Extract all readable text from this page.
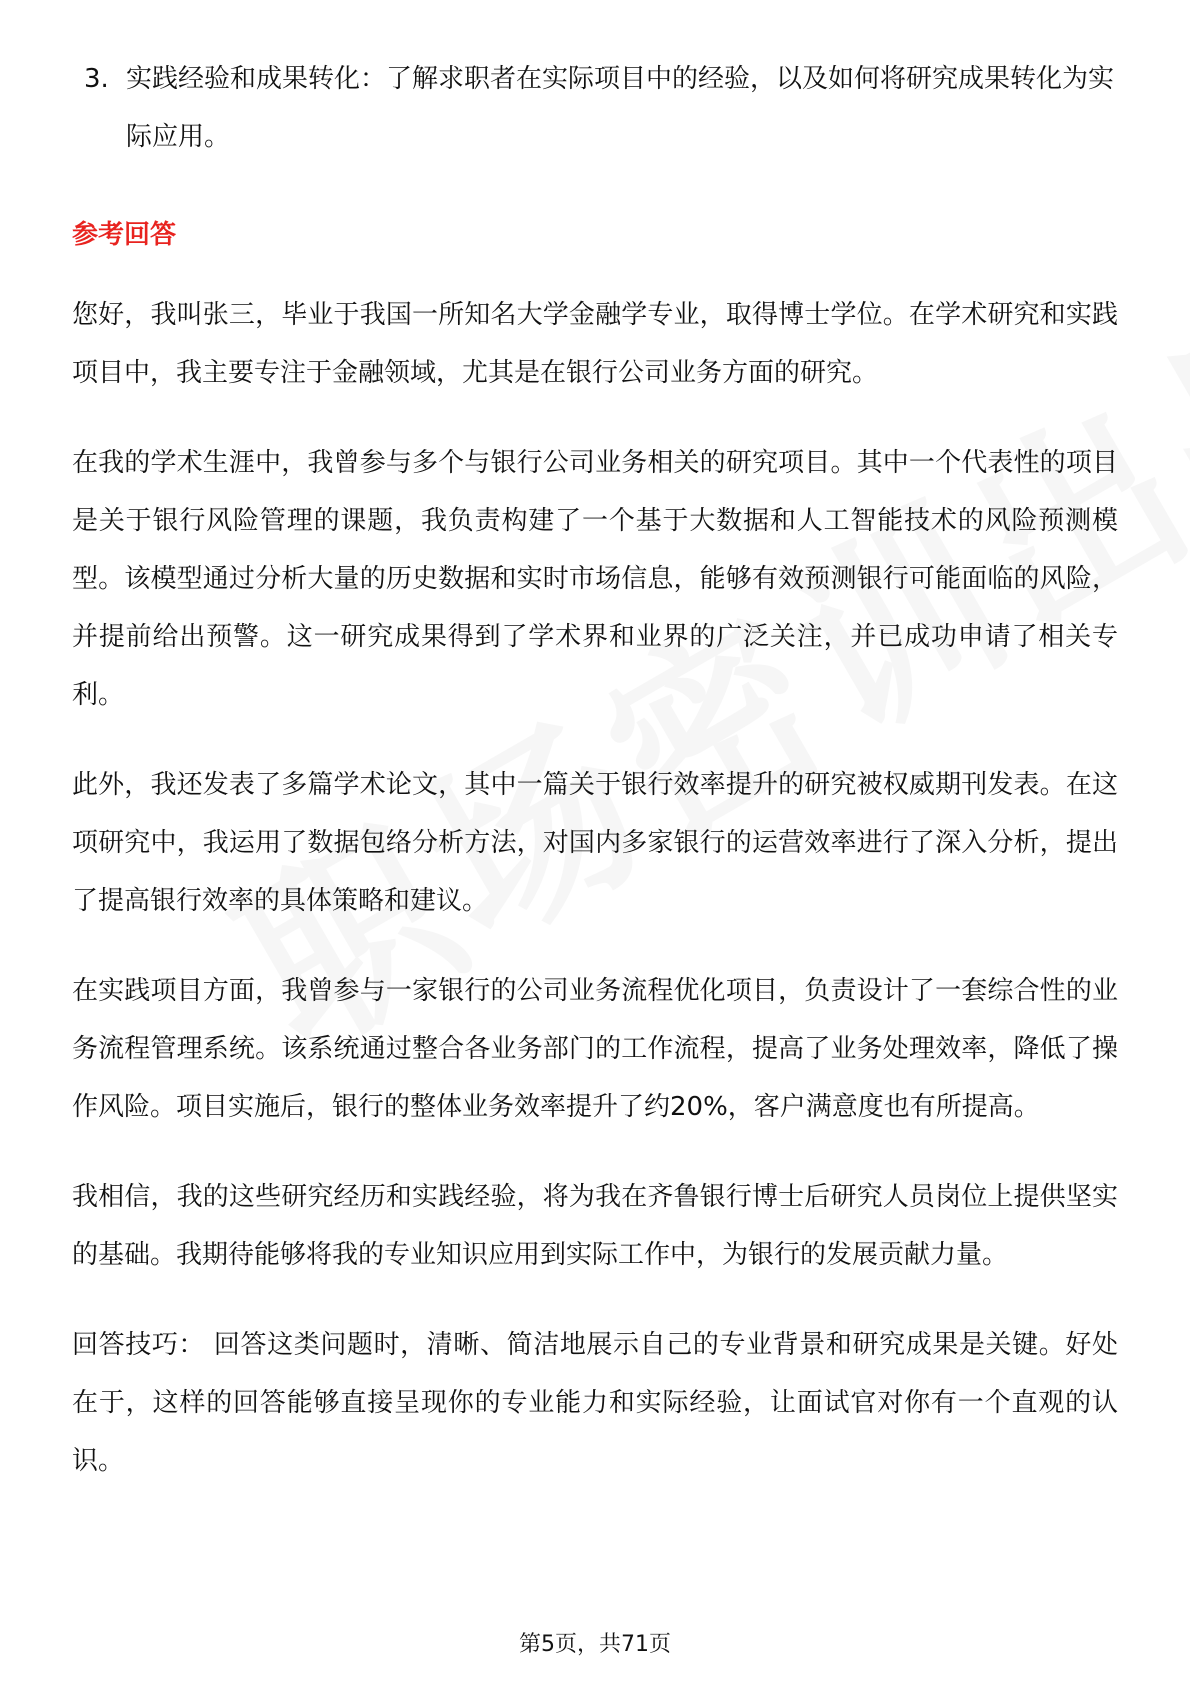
3. 实践经验和成果转化：了解求职者在实际项目中的经验，以及如何将研究成果转化为实际应用。
参考回答

您好，我叫张三，毕业于我国一所知名大学金融学专业，取得博士学位。在学术研究和实践项目中，我主要专注于金融领域，尤其是在银行公司业务方面的研究。

在我的学术生涯中，我曾参与多个与银行公司业务相关的研究项目。其中一个代表性的项目是关于银行风险管理的课题，我负责构建了一个基于大数据和人工智能技术的风险预测模型。该模型通过分析大量的历史数据和实时市场信息，能够有效预测银行可能面临的风险，并提前给出预警。这一研究成果得到了学术界和业界的广泛关注，并已成功申请了相关专利。

此外，我还发表了多篇学术论文，其中一篇关于银行效率提升的研究被权威期刊发表。在这项研究中，我运用了数据包络分析方法，对国内多家银行的运营效率进行了深入分析，提出了提高银行效率的具体策略和建议。

在实践项目方面，我曾参与一家银行的公司业务流程优化项目，负责设计了一套综合性的业务流程管理系统。该系统通过整合各业务部门的工作流程，提高了业务处理效率，降低了操作风险。项目实施后，银行的整体业务效率提升了约20%，客户满意度也有所提高。

我相信，我的这些研究经历和实践经验，将为我在齐鲁银行博士后研究人员岗位上提供坚实的基础。我期待能够将我的专业知识应用到实际工作中，为银行的发展贡献力量。

回答技巧： 回答这类问题时，清晰、简洁地展示自己的专业背景和研究成果是关键。好处在于，这样的回答能够直接呈现你的专业能力和实际经验，让面试官对你有一个直观的认识。

第5页，共71页
